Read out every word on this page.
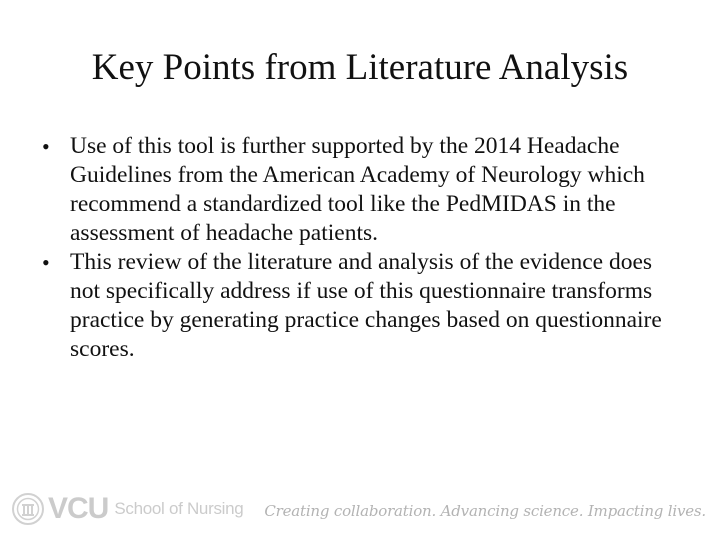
Key Points from Literature Analysis
• Use of this tool is further supported by the 2014 Headache Guidelines from the American Academy of Neurology which recommend a standardized tool like the PedMIDAS in the assessment of headache patients.
• This review of the literature and analysis of the evidence does not specifically address if use of this questionnaire transforms practice by generating practice changes based on questionnaire scores.
VCU School of Nursing Creating collaboration. Advancing science. Impacting lives.
